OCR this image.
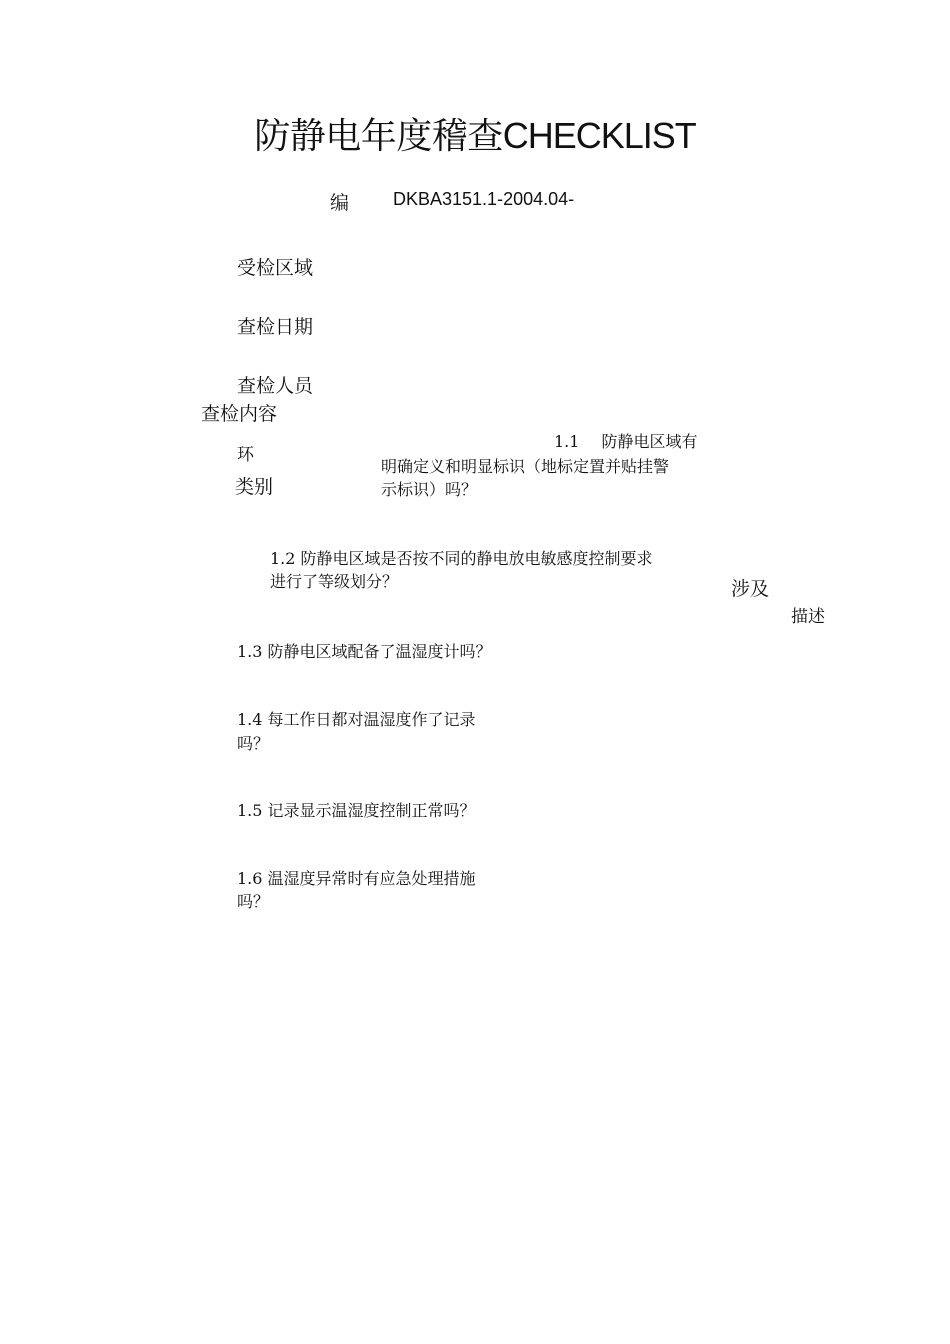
防静电年度稽查CHECKLIST
编 DKBA3151.1-2004.04-
受检区域
查检日期
查检人员
查检内容
环
类别
1.1 防静电区域有
明确定义和明显标识（地标定置并贴挂警
示标识）吗？
1.2 防静电区域是否按不同的静电放电敏感度控制要求
进行了等级划分？	涉及
描述
1.3 防静电区域配备了温湿度计吗？
1.4 每工作日都对温湿度作了记录
吗？
1.5 记录显示温湿度控制正常吗？
1.6 温湿度异常时有应急处理措施
吗？
